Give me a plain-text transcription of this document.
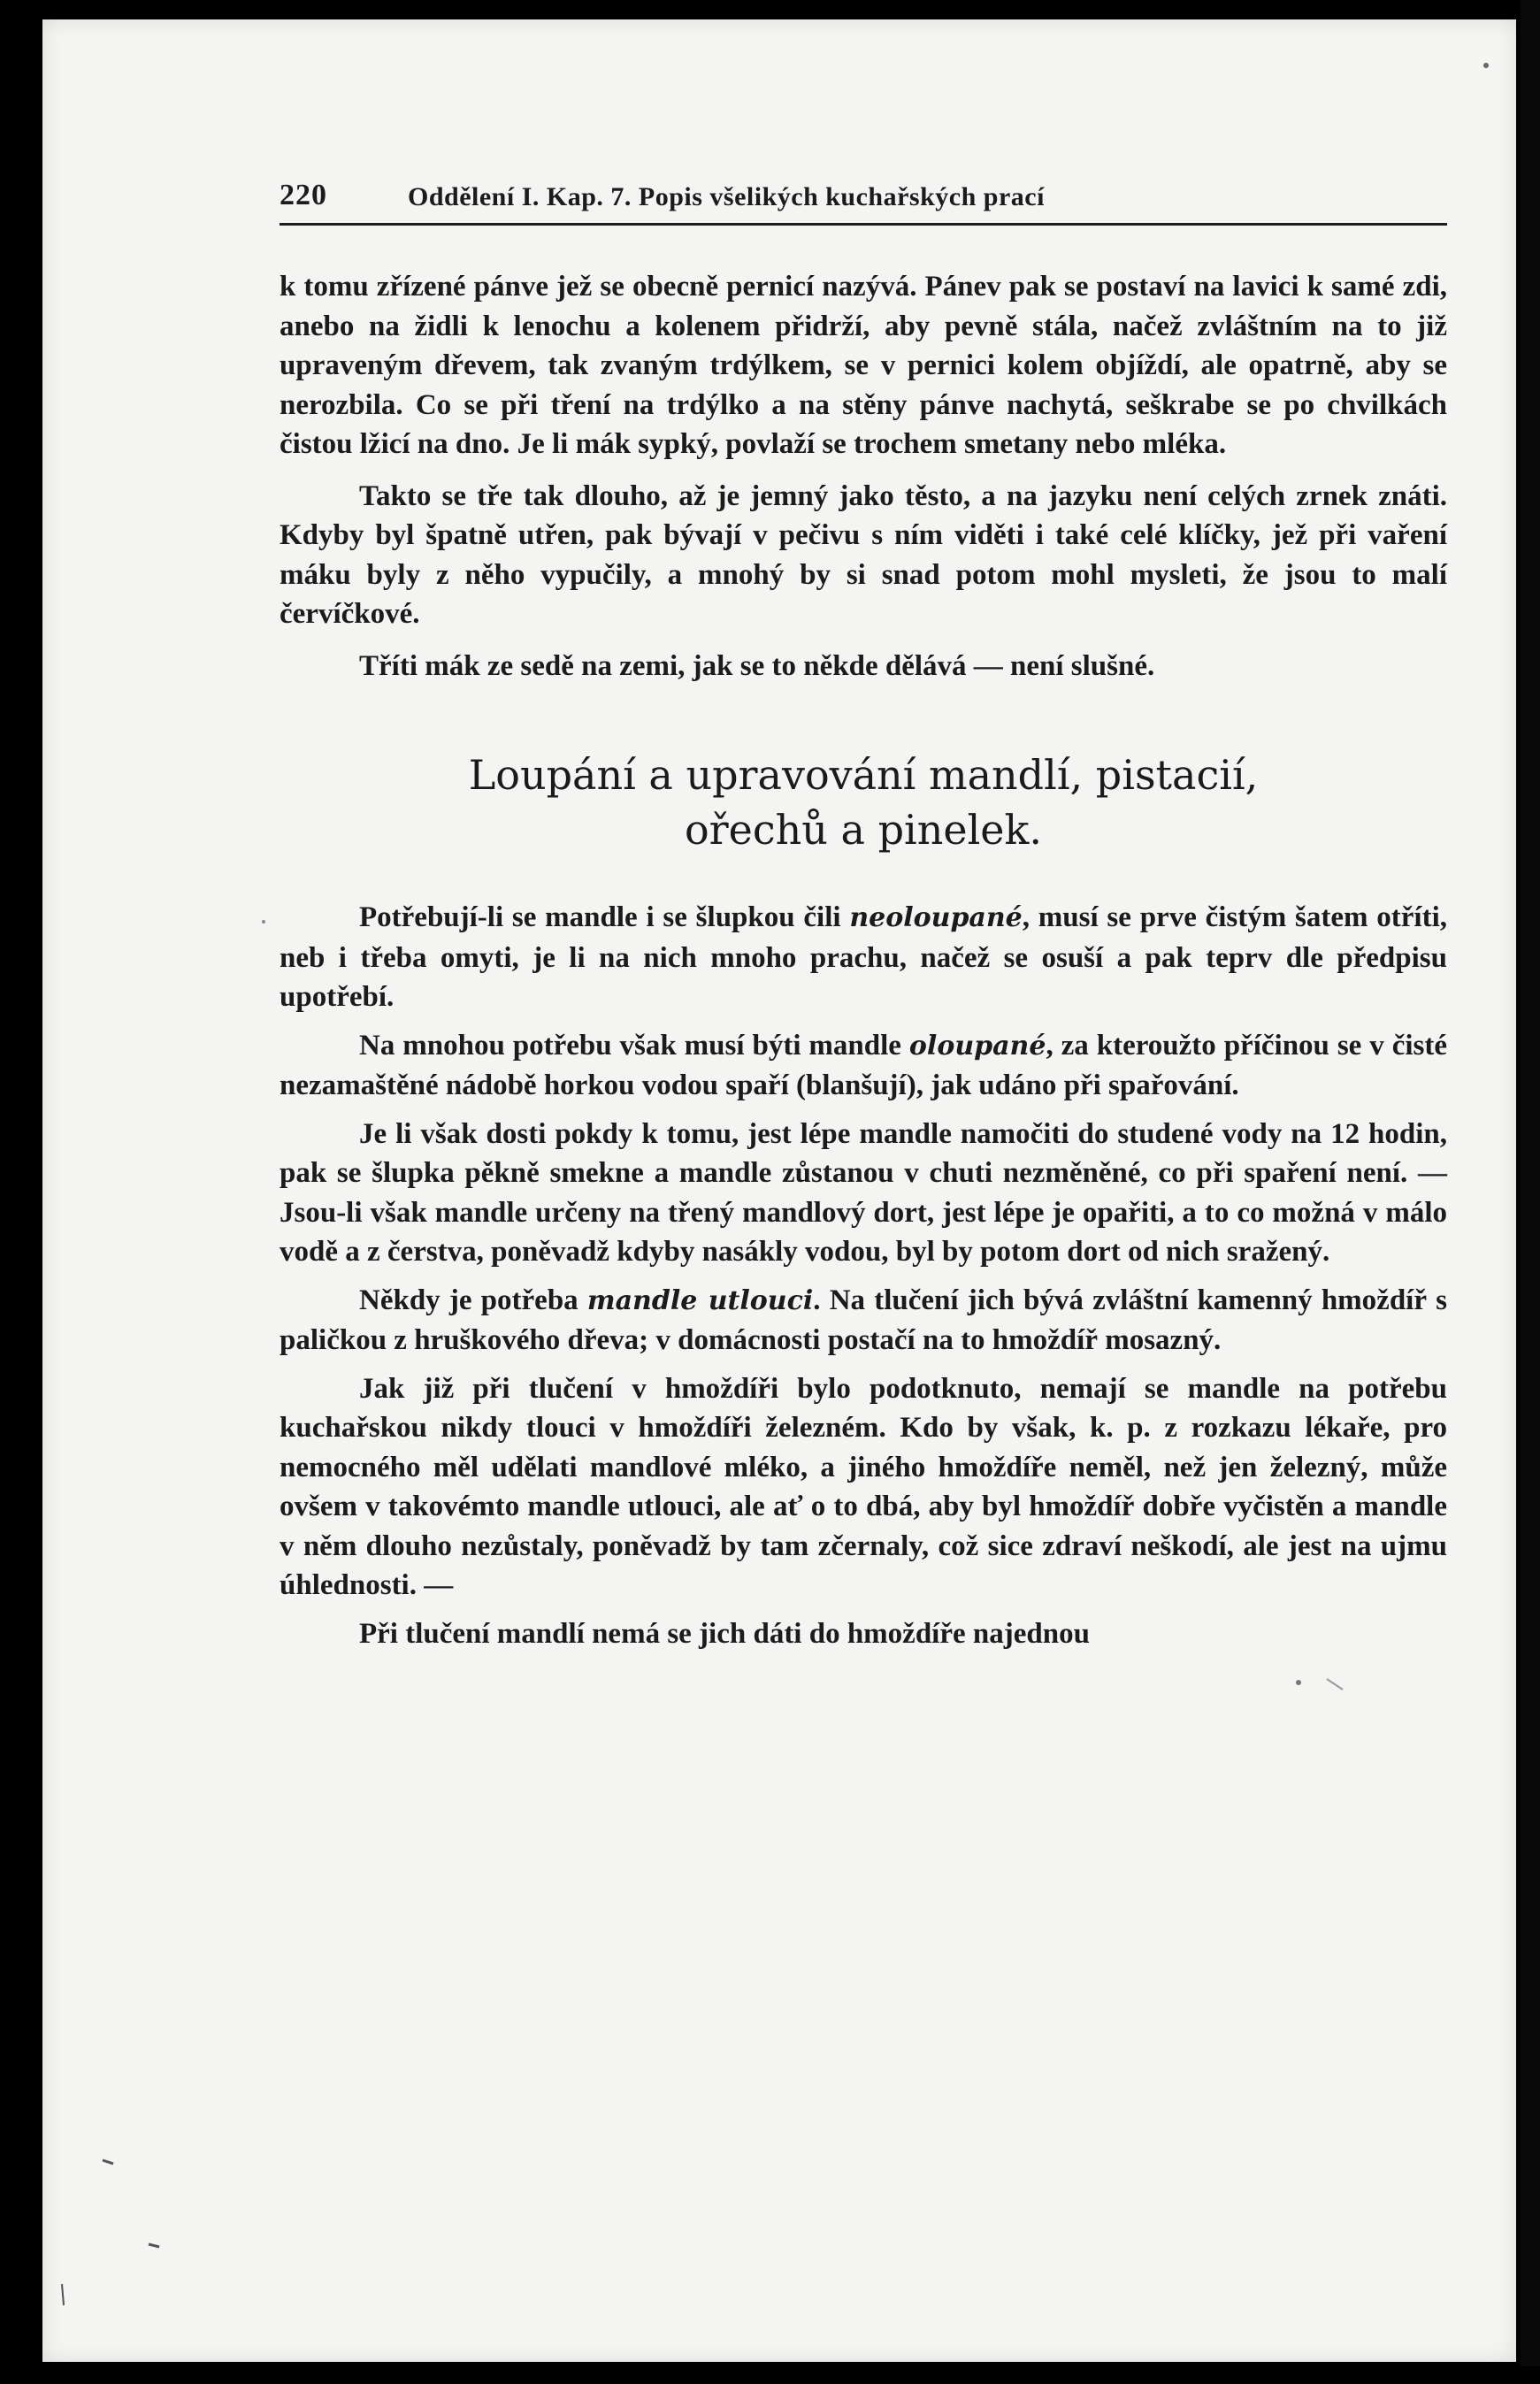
220	Oddělení I. Kap. 7. Popis všelikých kuchařských prací

k tomu zřízené pánve jež se obecně pernicí nazývá. Pánev pak se postaví na lavici k samé zdi, anebo na židli k lenochu a kolenem přidrží, aby pevně stála, načež zvláštním na to již upraveným dřevem, tak zvaným trdýlkem, se v pernici kolem objíždí, ale opatrně, aby se nerozbila. Co se při tření na trdýlko a na stěny pánve nachytá, seškrabe se po chvilkách čistou lžicí na dno. Je li mák sypký, povlaží se trochem smetany nebo mléka.

Takto se tře tak dlouho, až je jemný jako těsto, a na jazyku není celých zrnek znáti. Kdyby byl špatně utřen, pak bývají v pečivu s ním viděti i také celé klíčky, jež při vaření máku byly z něho vypučily, a mnohý by si snad potom mohl mysleti, že jsou to malí červíčkové.

Tříti mák ze sedě na zemi, jak se to někde dělává — není slušné.

Loupání a upravování mandlí, pistacií,
ořechů a pinelek.

Potřebují-li se mandle i se šlupkou čili neoloupané, musí se prve čistým šatem otříti, neb i třeba omyti, je li na nich mnoho prachu, načež se osuší a pak teprv dle předpisu upotřebí.

Na mnohou potřebu však musí býti mandle oloupané, za kteroužto příčinou se v čisté nezamaštěné nádobě horkou vodou spaří (blanšují), jak udáno při spařování.

Je li však dosti pokdy k tomu, jest lépe mandle namočiti do studené vody na 12 hodin, pak se šlupka pěkně smekne a mandle zůstanou v chuti nezměněné, co při spaření není. — Jsou-li však mandle určeny na třený mandlový dort, jest lépe je opařiti, a to co možná v málo vodě a z čerstva, poněvadž kdyby nasákly vodou, byl by potom dort od nich sražený.

Někdy je potřeba mandle utlouci. Na tlučení jich bývá zvláštní kamenný hmoždíř s paličkou z hruškového dřeva; v domácnosti postačí na to hmoždíř mosazný.

Jak již při tlučení v hmoždíři bylo podotknuto, nemají se mandle na potřebu kuchařskou nikdy tlouci v hmoždíři železném. Kdo by však, k. p. z rozkazu lékaře, pro nemocného měl udělati mandlové mléko, a jiného hmoždíře neměl, než jen železný, může ovšem v takovémto mandle utlouci, ale ať o to dbá, aby byl hmoždíř dobře vyčistěn a mandle v něm dlouho nezůstaly, poněvadž by tam zčernaly, což sice zdraví neškodí, ale jest na ujmu úhlednosti. —

Při tlučení mandlí nemá se jich dáti do hmoždíře najednou
